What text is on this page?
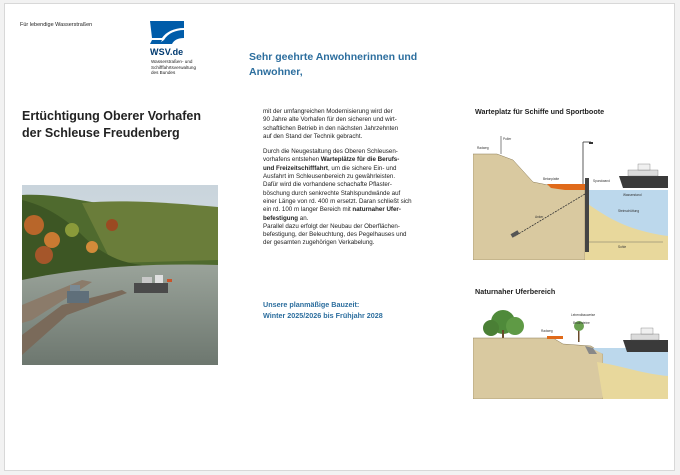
Für lebendige Wasserstraßen
WSV.de
Wasserstraßen- und
Schifffahrtsverwaltung
des Bundes
Sehr geehrte Anwohnerinnen und
Anwohner,
Ertüchtigung Oberer Vorhafen
der Schleuse Freudenberg

mit der umfangreichen Modernisierung wird der
90 Jahre alte Vorhafen für den sicheren und wirt-
schaftlichen Betrieb in den nächsten Jahrzehnten
auf den Stand der Technik gebracht.

Durch die Neugestaltung des Oberen Schleusen-
vorhafens entstehen Warteplätze für die Berufs-
und Freizeitschifffahrt, um die sichere Ein- und
Ausfahrt im Schleusenbereich zu gewährleisten.
Dafür wird die vorhandene schachafte Pflaster-
böschung durch senkrechte Stahlspundwände auf
einer Länge von rd. 400 m ersetzt. Daran schließt sich
ein rd. 100 m langer Bereich mit naturnaher Ufer-
befestigung an.
Parallel dazu erfolgt der Neubau der Oberflächen-
befestigung, der Beleuchtung, des Pegelhauses und
der gesamten zugehörigen Verkabelung.

Unsere planmäßige Bauzeit:
Winter 2025/2026 bis Frühjahr 2028
Warteplatz für Schiffe und Sportboote
Radweg
Poller
Betonplatte	Spundwand
Anker
Steinschüttung
Sohle
Wasserstand
Naturnaher Uferbereich
Radweg
Lebendbauweise
Bruchsteine
